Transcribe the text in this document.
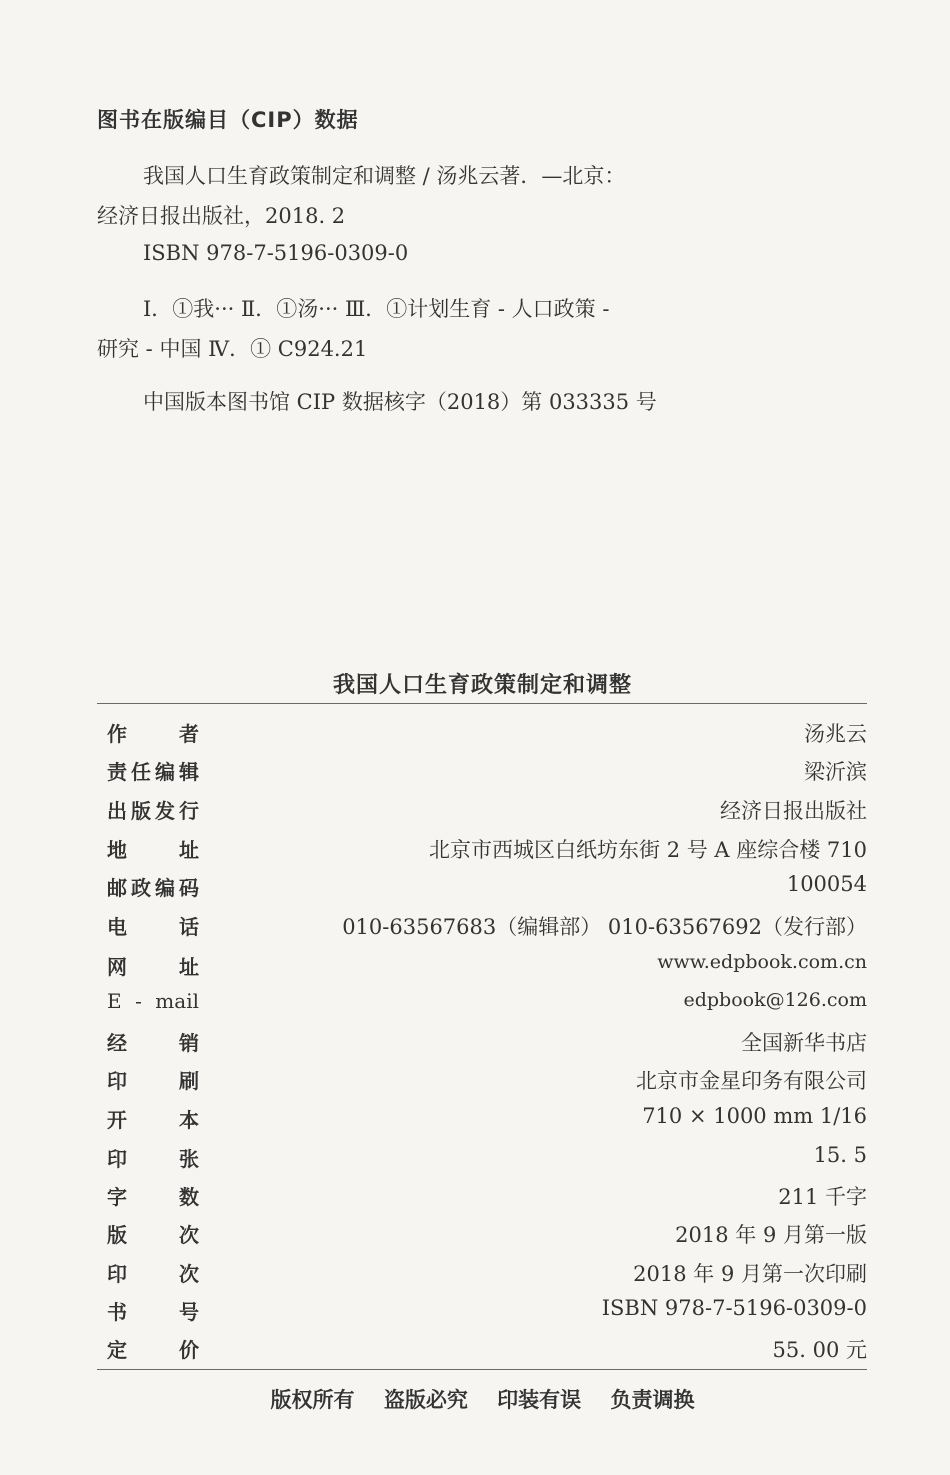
图书在版编目（CIP）数据
我国人口生育政策制定和调整 / 汤兆云著．—北京：
经济日报出版社，2018. 2
ISBN 978-7-5196-0309-0
Ⅰ．①我··· Ⅱ．①汤··· Ⅲ．①计划生育 - 人口政策 -
研究 - 中国 Ⅳ．① C924.21
中国版本图书馆 CIP 数据核字（2018）第 033335 号
我国人口生育政策制定和调整
作者	汤兆云
责任编辑	梁沂滨
出版发行	经济日报出版社
地址	北京市西城区白纸坊东街 2 号 A 座综合楼 710
邮政编码	100054
电话	010-63567683（编辑部） 010-63567692（发行部）
网址	www.edpbook.com.cn
E - mail	edpbook@126.com
经销	全国新华书店
印刷	北京市金星印务有限公司
开本	710 × 1000 mm 1/16
印张	15. 5
字数	211 千字
版次	2018 年 9 月第一版
印次	2018 年 9 月第一次印刷
书号	ISBN 978-7-5196-0309-0
定价	55. 00 元
版权所有 盗版必究 印装有误 负责调换
